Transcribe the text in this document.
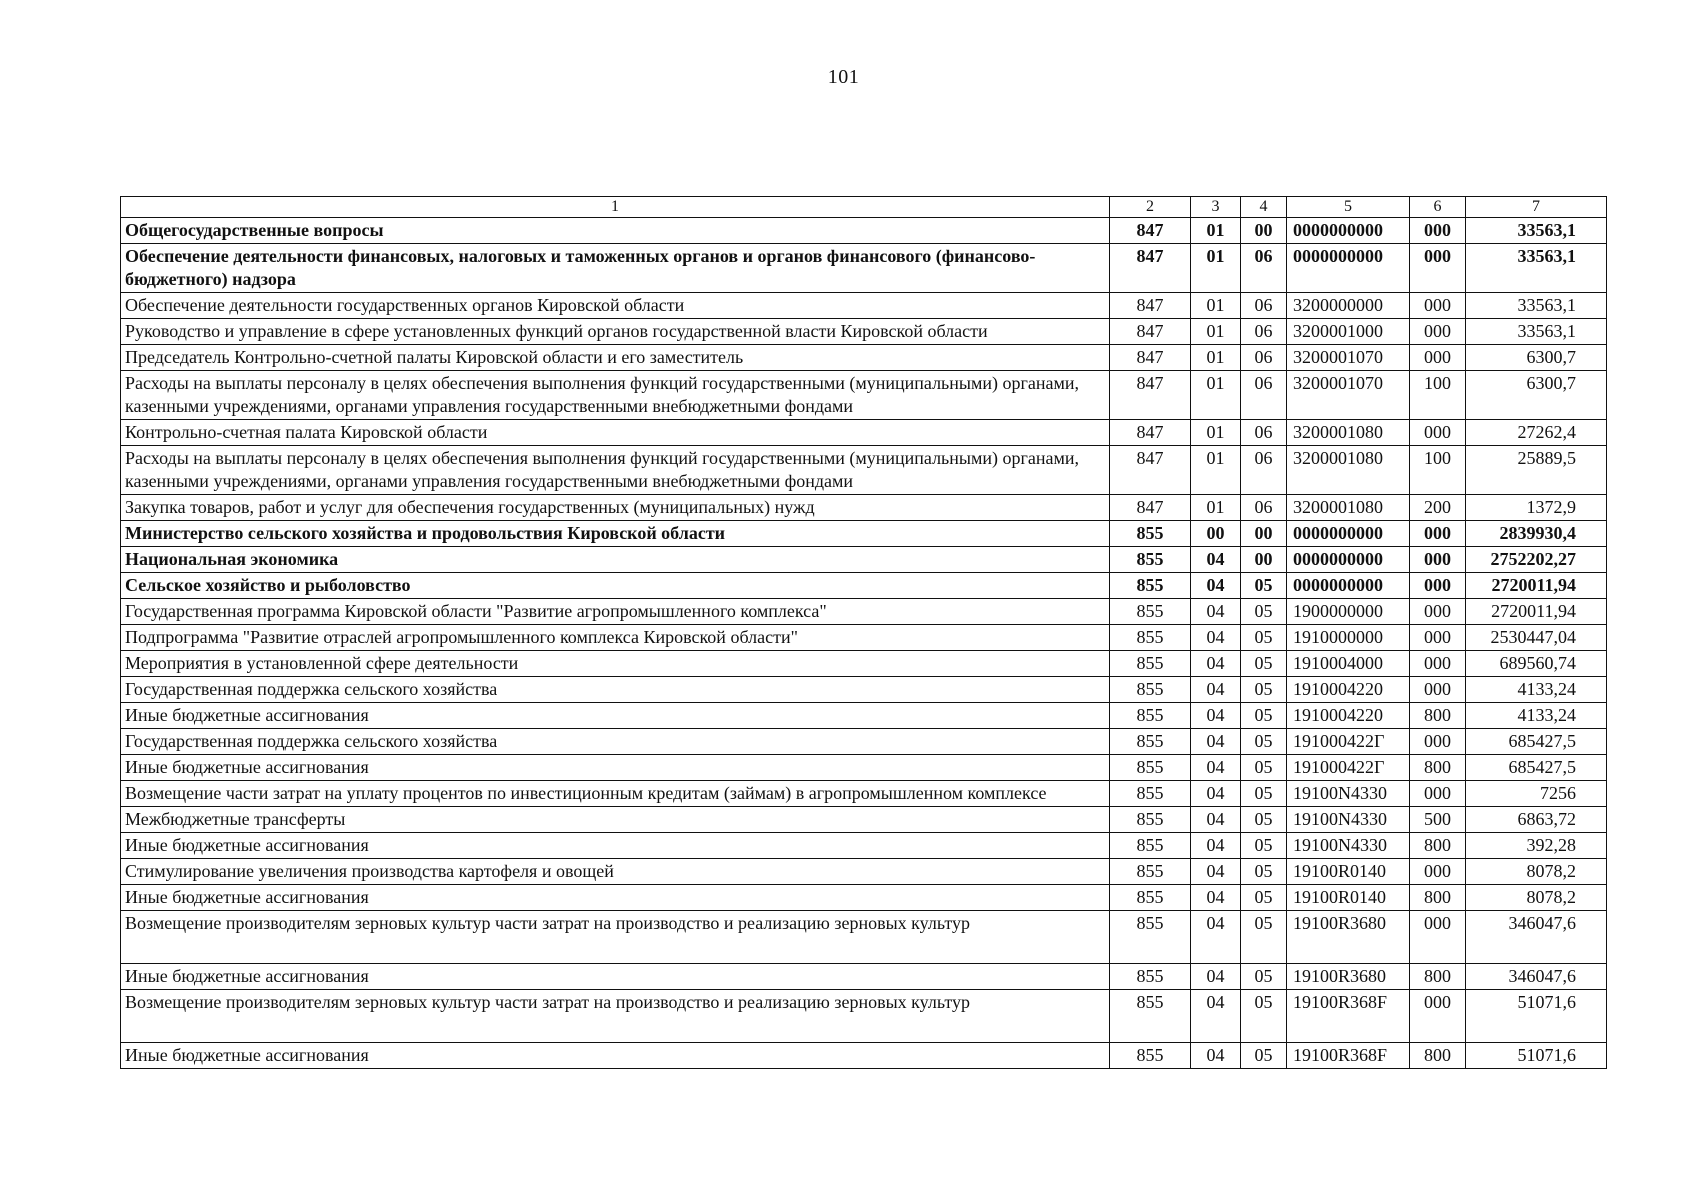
101
1	2	3	4	5	6	7
Общегосударственные вопросы	847	01	00	0000000000	000	33563,1
Обеспечение деятельности финансовых, налоговых и таможенных органов и органов финансового (финансово-бюджетного) надзора	847	01	06	0000000000	000	33563,1
Обеспечение деятельности государственных органов Кировской области	847	01	06	3200000000	000	33563,1
Руководство и управление в сфере установленных функций органов государственной власти Кировской области	847	01	06	3200001000	000	33563,1
Председатель Контрольно-счетной палаты Кировской области и его заместитель	847	01	06	3200001070	000	6300,7
Расходы на выплаты персоналу в целях обеспечения выполнения функций государственными (муниципальными) органами, казенными учреждениями, органами управления государственными внебюджетными фондами	847	01	06	3200001070	100	6300,7
Контрольно-счетная палата Кировской области	847	01	06	3200001080	000	27262,4
Расходы на выплаты персоналу в целях обеспечения выполнения функций государственными (муниципальными) органами, казенными учреждениями, органами управления государственными внебюджетными фондами	847	01	06	3200001080	100	25889,5
Закупка товаров, работ и услуг для обеспечения государственных (муниципальных) нужд	847	01	06	3200001080	200	1372,9
Министерство сельского хозяйства и продовольствия Кировской области	855	00	00	0000000000	000	2839930,4
Национальная экономика	855	04	00	0000000000	000	2752202,27
Сельское хозяйство и рыболовство	855	04	05	0000000000	000	2720011,94
Государственная программа Кировской области "Развитие агропромышленного комплекса"	855	04	05	1900000000	000	2720011,94
Подпрограмма "Развитие отраслей агропромышленного комплекса Кировской области"	855	04	05	1910000000	000	2530447,04
Мероприятия в установленной сфере деятельности	855	04	05	1910004000	000	689560,74
Государственная поддержка сельского хозяйства	855	04	05	1910004220	000	4133,24
Иные бюджетные ассигнования	855	04	05	1910004220	800	4133,24
Государственная поддержка сельского хозяйства	855	04	05	191000422Г	000	685427,5
Иные бюджетные ассигнования	855	04	05	191000422Г	800	685427,5
Возмещение части затрат на уплату процентов по инвестиционным кредитам (займам) в агропромышленном комплексе	855	04	05	19100N4330	000	7256
Межбюджетные трансферты	855	04	05	19100N4330	500	6863,72
Иные бюджетные ассигнования	855	04	05	19100N4330	800	392,28
Стимулирование увеличения производства картофеля и овощей	855	04	05	19100R0140	000	8078,2
Иные бюджетные ассигнования	855	04	05	19100R0140	800	8078,2
Возмещение производителям зерновых культур части затрат на производство и реализацию зерновых культур	855	04	05	19100R3680	000	346047,6
Иные бюджетные ассигнования	855	04	05	19100R3680	800	346047,6
Возмещение производителям зерновых культур части затрат на производство и реализацию зерновых культур	855	04	05	19100R368F	000	51071,6
Иные бюджетные ассигнования	855	04	05	19100R368F	800	51071,6
